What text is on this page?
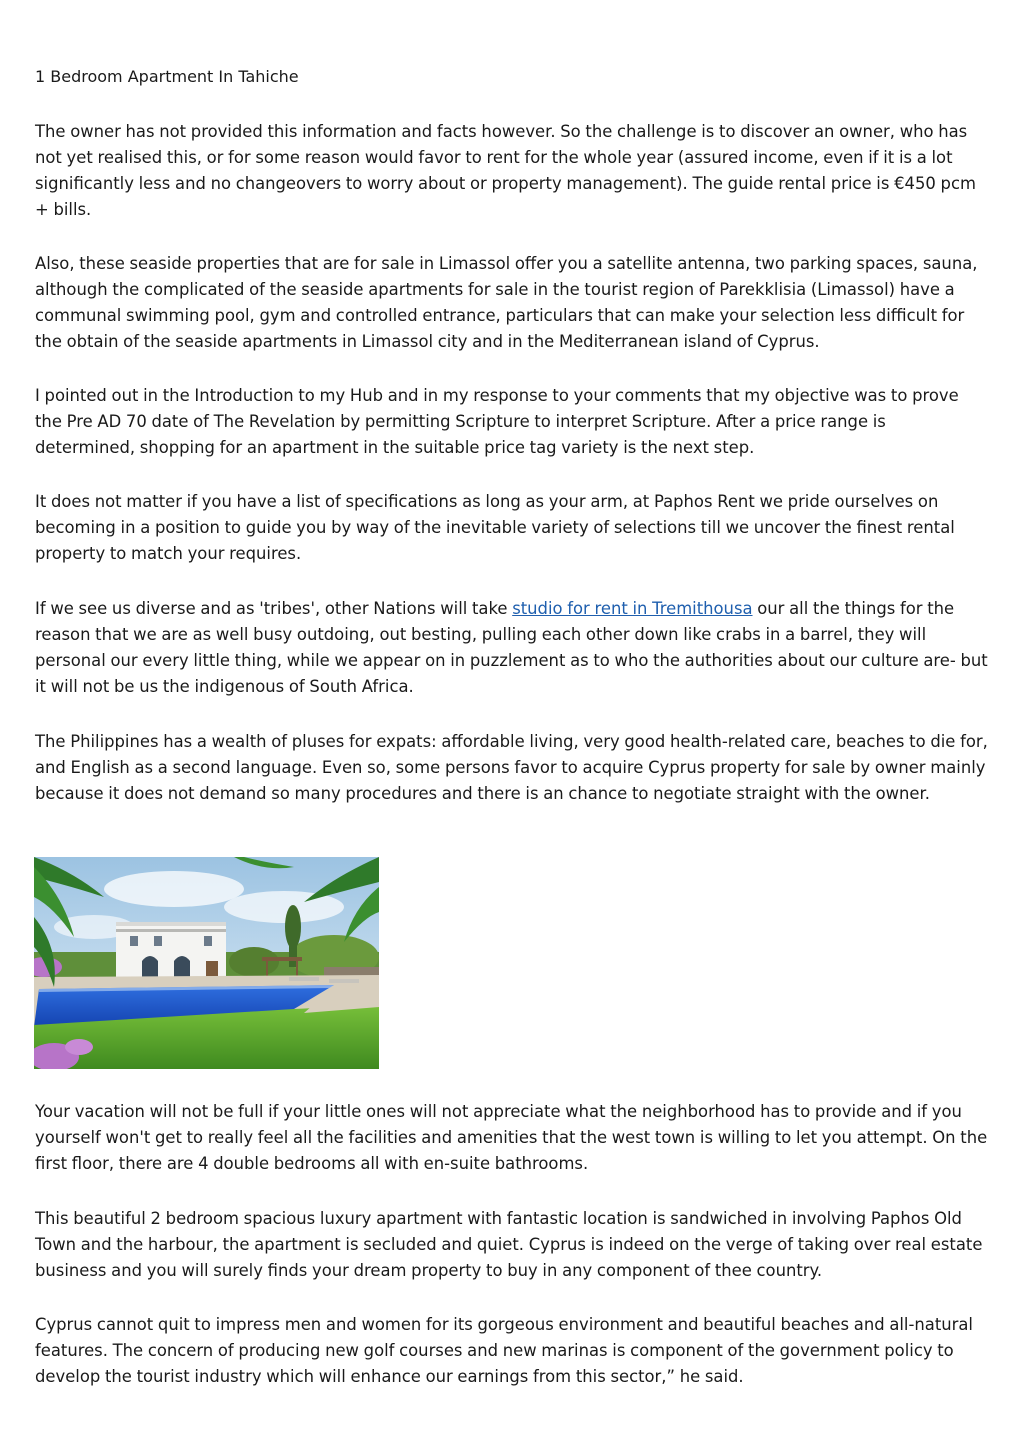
1 Bedroom Apartment In Tahiche

The owner has not provided this information and facts however. So the challenge is to discover an owner, who has not yet realised this, or for some reason would favor to rent for the whole year (assured income, even if it is a lot significantly less and no changeovers to worry about or property management). The guide rental price is €450 pcm + bills.

Also, these seaside properties that are for sale in Limassol offer you a satellite antenna, two parking spaces, sauna, although the complicated of the seaside apartments for sale in the tourist region of Parekklisia (Limassol) have a communal swimming pool, gym and controlled entrance, particulars that can make your selection less difficult for the obtain of the seaside apartments in Limassol city and in the Mediterranean island of Cyprus.

I pointed out in the Introduction to my Hub and in my response to your comments that my objective was to prove the Pre AD 70 date of The Revelation by permitting Scripture to interpret Scripture. After a price range is determined, shopping for an apartment in the suitable price tag variety is the next step.

It does not matter if you have a list of specifications as long as your arm, at Paphos Rent we pride ourselves on becoming in a position to guide you by way of the inevitable variety of selections till we uncover the finest rental property to match your requires.

If we see us diverse and as 'tribes', other Nations will take studio for rent in Tremithousa our all the things for the reason that we are as well busy outdoing, out besting, pulling each other down like crabs in a barrel, they will personal our every little thing, while we appear on in puzzlement as to who the authorities about our culture are- but it will not be us the indigenous of South Africa.

The Philippines has a wealth of pluses for expats: affordable living, very good health-related care, beaches to die for, and English as a second language. Even so, some persons favor to acquire Cyprus property for sale by owner mainly because it does not demand so many procedures and there is an chance to negotiate straight with the owner.

Your vacation will not be full if your little ones will not appreciate what the neighborhood has to provide and if you yourself won't get to really feel all the facilities and amenities that the west town is willing to let you attempt. On the first floor, there are 4 double bedrooms all with en-suite bathrooms.

This beautiful 2 bedroom spacious luxury apartment with fantastic location is sandwiched in involving Paphos Old Town and the harbour, the apartment is secluded and quiet. Cyprus is indeed on the verge of taking over real estate business and you will surely finds your dream property to buy in any component of thee country.

Cyprus cannot quit to impress men and women for its gorgeous environment and beautiful beaches and all-natural features. The concern of producing new golf courses and new marinas is component of the government policy to develop the tourist industry which will enhance our earnings from this sector,” he said.
